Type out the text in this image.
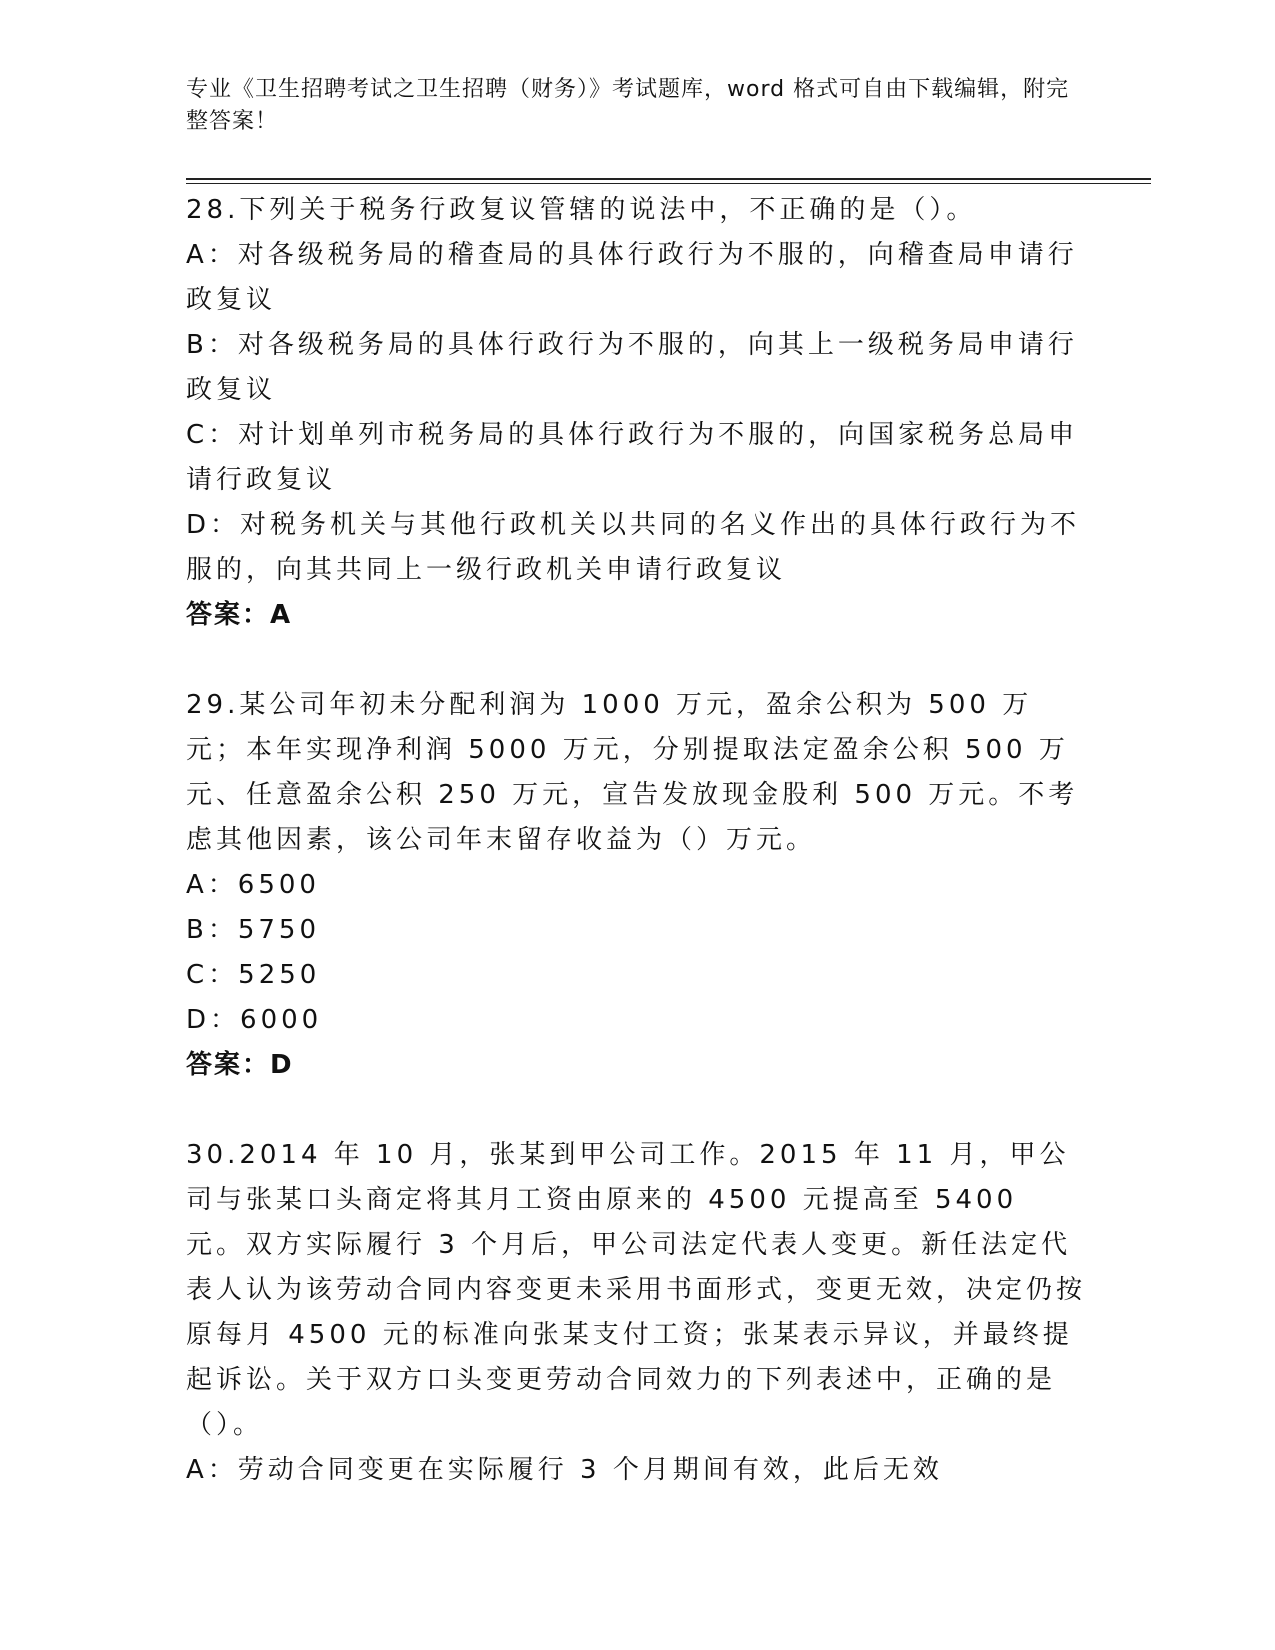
专业《卫生招聘考试之卫生招聘（财务）》考试题库，word 格式可自由下载编辑，附完整答案！

28.下列关于税务行政复议管辖的说法中，不正确的是（）。

A：对各级税务局的稽查局的具体行政行为不服的，向稽查局申请行政复议

B：对各级税务局的具体行政行为不服的，向其上一级税务局申请行政复议

C：对计划单列市税务局的具体行政行为不服的，向国家税务总局申请行政复议

D：对税务机关与其他行政机关以共同的名义作出的具体行政行为不服的，向其共同上一级行政机关申请行政复议

答案：A

29.某公司年初未分配利润为 1000 万元，盈余公积为 500 万元；本年实现净利润 5000 万元，分别提取法定盈余公积 500 万元、任意盈余公积 250 万元，宣告发放现金股利 500 万元。不考虑其他因素，该公司年末留存收益为（）万元。

A：6500

B：5750

C：5250

D：6000

答案：D

30.2014 年 10 月，张某到甲公司工作。2015 年 11 月，甲公司与张某口头商定将其月工资由原来的 4500 元提高至 5400 元。双方实际履行 3 个月后，甲公司法定代表人变更。新任法定代表人认为该劳动合同内容变更未采用书面形式，变更无效，决定仍按原每月 4500 元的标准向张某支付工资；张某表示异议，并最终提起诉讼。关于双方口头变更劳动合同效力的下列表述中，正确的是（）。

A：劳动合同变更在实际履行 3 个月期间有效，此后无效
